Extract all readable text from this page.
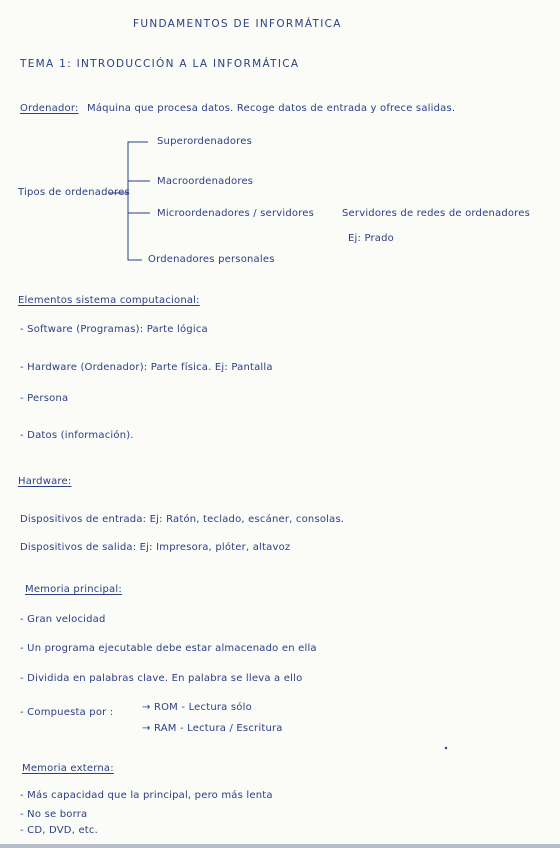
FUNDAMENTOS DE INFORMÁTICA
TEMA 1: INTRODUCCIÓN A LA INFORMÁTICA
Ordenador: Máquina que procesa datos. Recoge datos de entrada y ofrece salidas.
Tipos de ordenadores
Superordenadores
Macroordenadores
Microordenadores / servidores	Servidores de redes de ordenadores
Ej: Prado
Ordenadores personales
Elementos sistema computacional:
- Software (Programas): Parte lógica
- Hardware (Ordenador): Parte física. Ej: Pantalla
- Persona
- Datos (información).
Hardware:
Dispositivos de entrada: Ej: Ratón, teclado, escáner, consolas.
Dispositivos de salida: Ej: Impresora, plóter, altavoz
Memoria principal:
- Gran velocidad
- Un programa ejecutable debe estar almacenado en ella
- Dividida en palabras clave. En palabra se lleva a ello
- Compuesta por :	→ ROM - Lectura sólo
→ RAM - Lectura / Escritura
Memoria externa:
- Más capacidad que la principal, pero más lenta
- No se borra
- CD, DVD, etc.
